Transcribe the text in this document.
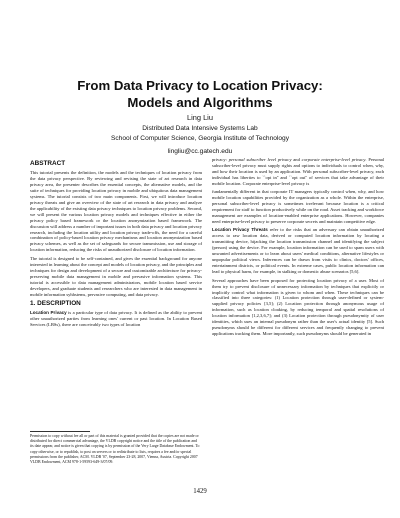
From Data Privacy to Location Privacy:
Models and Algorithms
Ling Liu
Distributed Data Intensive Systems Lab
School of Computer Science, Georgia Institute of Technology
lingliu@cc.gatech.edu
ABSTRACT

This tutorial presents the definition, the models and the techniques of location privacy from the data privacy perspective. By reviewing and revising the state of art research in data privacy area, the presenter describes the essential concepts, the alternative models, and the suite of techniques for providing location privacy in mobile and ubiquitous data management systems. The tutorial consists of two main components. First, we will introduce location privacy threats and give an overview of the state of art research in data privacy and analyze the applicability of the existing data privacy techniques to location privacy problems. Second, we will present the various location privacy models and techniques effective in either the privacy policy based framework or the location anonymization based framework. The discussion will address a number of important issues in both data privacy and location privacy research, including the location utility and location privacy trade-offs, the need for a careful combination of policy-based location privacy mechanisms and location anonymization based privacy schemes, as well as the set of safeguards for secure transmission, use and storage of location information, reducing the risks of unauthorized disclosure of location information.

The tutorial is designed to be self-contained, and gives the essential background for anyone interested in learning about the concept and models of location privacy, and the principles and techniques for design and development of a secure and customizable architecture for privacy-preserving mobile data management in mobile and pervasive information systems. This tutorial is accessible to data management administrators, mobile location based service developers, and graduate students and researchers who are interested in data management in mobile information syhhstems, pervasive computing, and data privacy.

1. DESCRIPTION

Location Privacy is a particular type of data privacy. It is defined as the ability to prevent other unauthorized parties from learning ones' current or past location. In Location Based Services (LBSs), there are conceivably two types of location

Permission to copy without fee all or part of this material is granted provided that the copies are not made or distributed for direct commercial advantage, the VLDB copyright notice and the title of the publication and its date appear, and notice is given that copying is by permission of the Very Large Database Endowment. To copy otherwise, or to republish, to post on servers or to redistribute to lists, requires a fee and/or special permissions from the publisher, ACM. VLDB '07, September 23-28, 2007, Vienna, Austria. Copyright 2007 VLDB Endowment, ACM 978-1-59593-649-3/07/09.

privacy: personal subscriber level privacy and corporate enterprise-level privacy. Personal subscriber-level privacy must supply rights and options to individuals to control when, why, and how their location is used by an application. With personal subscriber-level privacy, each individual has liberties to ``opt in'' and ``opt out'' of services that take advantage of their mobile location. Corporate enterprise-level privacy is

fundamentally different in that corporate IT managers typically control when, why, and how mobile location capabilities provided by the organization as a whole. Within the enterprise, personal subscriber-level privacy is sometimes irrelevant because location is a critical requirement for staff to function productively while on the road. Asset tracking and workforce management are examples of location-enabled enterprise applications. However, companies need enterprise-level privacy to preserve corporate secrets and maintain competitive edge.

Location Privacy Threats refer to the risks that an adversary can obtain unauthorized access to raw location data, derived or computed location information by locating a transmitting device, hijacking the location transmission channel and identifying the subject (person) using the device. For example, location information can be used to spam users with unwanted advertisements or to learn about users' medical conditions, alternative lifestyles or unpopular political views. Inferences can be drawn from visits to clinics, doctors' offices, entertainment districts, or political events. In extreme cases, public location information can lead to physical harm, for example, in stalking or domestic abuse scenarios [5,6].

Several approaches have been proposed for protecting location privacy of a user. Most of them try to prevent disclosure of unnecessary information by techniques that explicitly or implicitly control what information is given to whom and when. These techniques can be classified into three categories: (1) Location protection through user-defined or system-supplied privacy policies [3,5]; (2) Location protection through anonymous usage of information, such as location cloaking, by reducing temporal and spatial resolutions of location information [1,2,3,6,7]; and (3) Location protection through pseudonymity of user identities, which uses an internal pseudonym rather than the user's actual identity [5]. Such pseudonyms should be different for different services and frequently changing to prevent applications tracking them. More importantly, such pseudonyms should be generated in

1429
